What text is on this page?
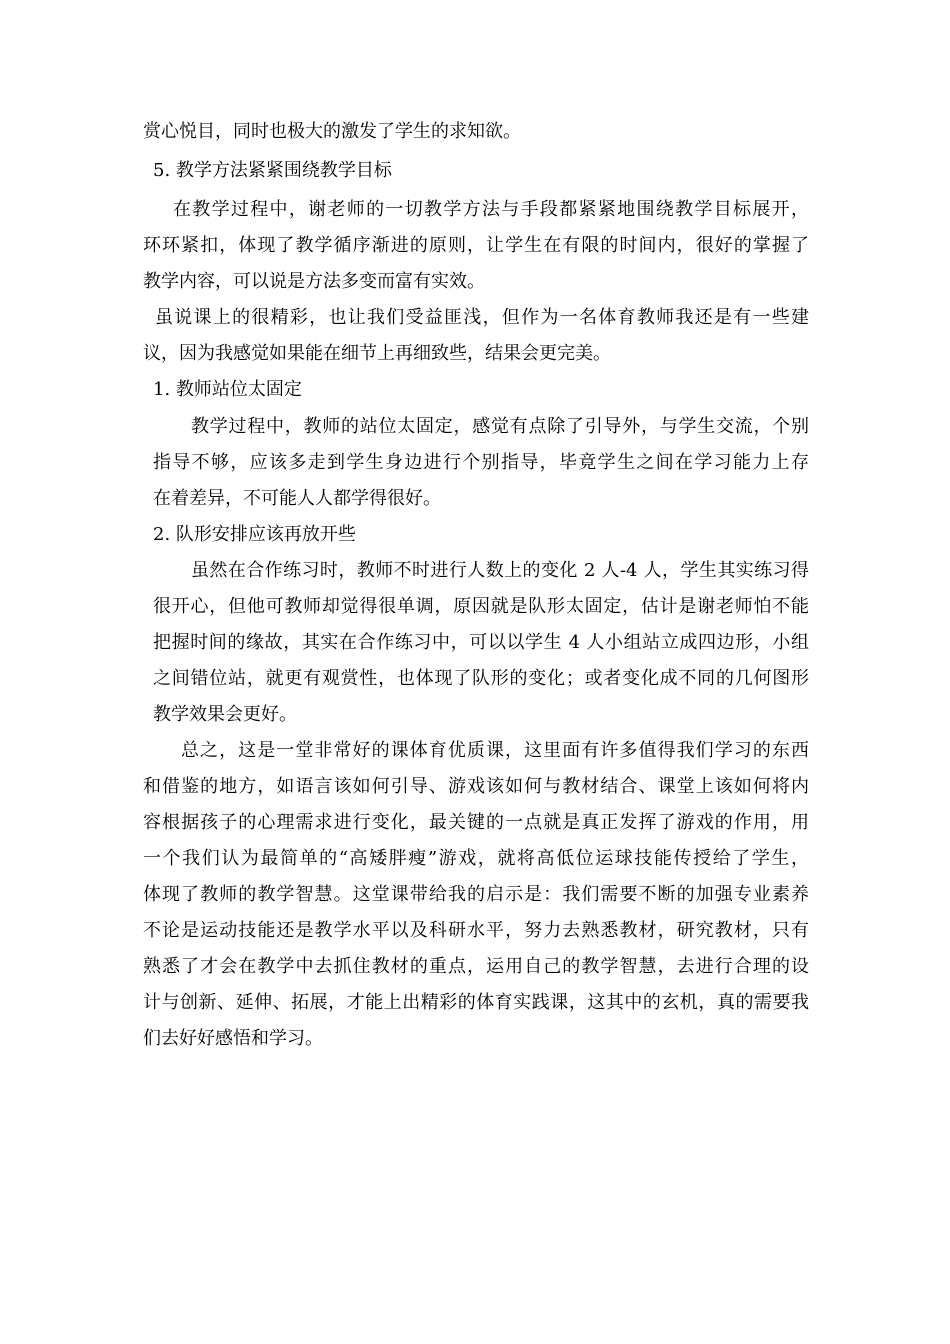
赏心悦目，同时也极大的激发了学生的求知欲。
5. 教学方法紧紧围绕教学目标
在教学过程中，谢老师的一切教学方法与手段都紧紧地围绕教学目标展开，
环环紧扣，体现了教学循序渐进的原则，让学生在有限的时间内，很好的掌握了
教学内容，可以说是方法多变而富有实效。
虽说课上的很精彩，也让我们受益匪浅，但作为一名体育教师我还是有一些建
议，因为我感觉如果能在细节上再细致些，结果会更完美。
1. 教师站位太固定
教学过程中，教师的站位太固定，感觉有点除了引导外，与学生交流，个别
指导不够，应该多走到学生身边进行个别指导，毕竟学生之间在学习能力上存
在着差异，不可能人人都学得很好。
2. 队形安排应该再放开些
虽然在合作练习时，教师不时进行人数上的变化 2 人-4 人，学生其实练习得
很开心，但他可教师却觉得很单调，原因就是队形太固定，估计是谢老师怕不能
把握时间的缘故，其实在合作练习中，可以以学生 4 人小组站立成四边形，小组
之间错位站，就更有观赏性，也体现了队形的变化；或者变化成不同的几何图形
教学效果会更好。
总之，这是一堂非常好的课体育优质课，这里面有许多值得我们学习的东西
和借鉴的地方，如语言该如何引导、游戏该如何与教材结合、课堂上该如何将内
容根据孩子的心理需求进行变化，最关键的一点就是真正发挥了游戏的作用，用
一个我们认为最简单的“高矮胖瘦”游戏，就将高低位运球技能传授给了学生，
体现了教师的教学智慧。这堂课带给我的启示是：我们需要不断的加强专业素养
不论是运动技能还是教学水平以及科研水平，努力去熟悉教材，研究教材，只有
熟悉了才会在教学中去抓住教材的重点，运用自己的教学智慧，去进行合理的设
计与创新、延伸、拓展，才能上出精彩的体育实践课，这其中的玄机，真的需要我
们去好好感悟和学习。
